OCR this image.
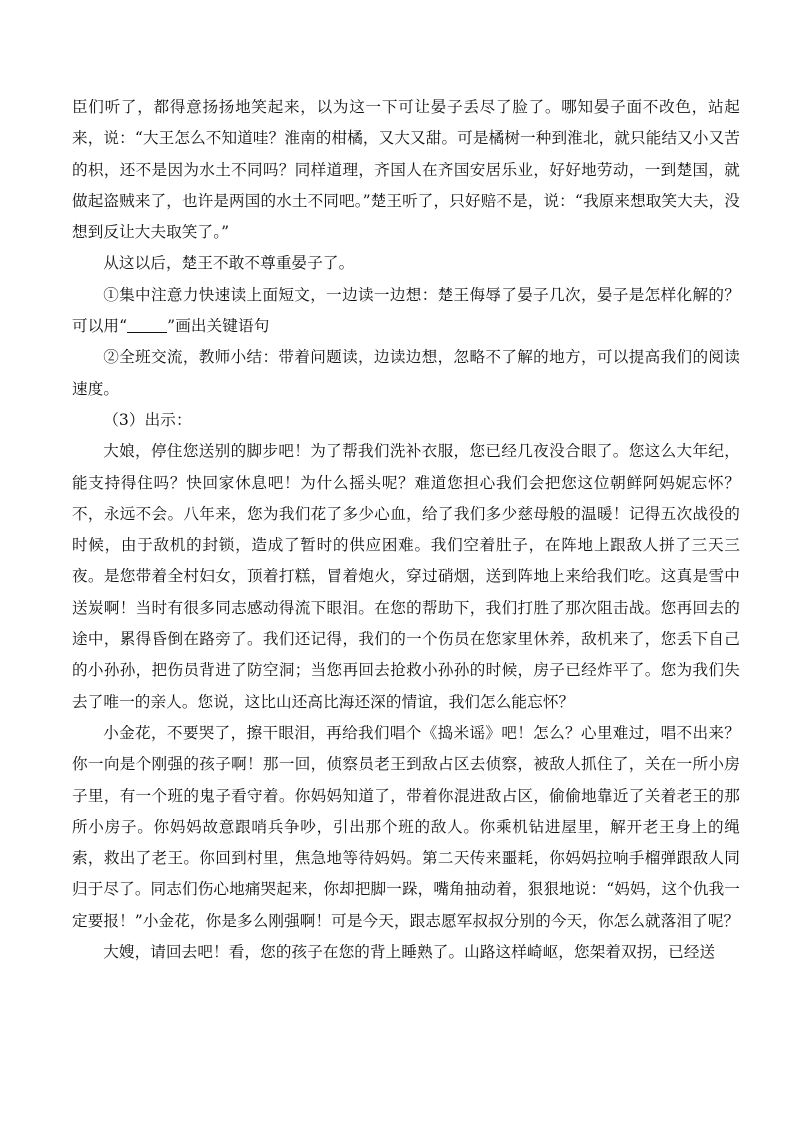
臣们听了，都得意扬扬地笑起来，以为这一下可让晏子丢尽了脸了。哪知晏子面不改色，站起来，说：“大王怎么不知道哇？淮南的柑橘，又大又甜。可是橘树一种到淮北，就只能结又小又苦的枳，还不是因为水土不同吗？同样道理，齐国人在齐国安居乐业，好好地劳动，一到楚国，就做起盗贼来了，也许是两国的水土不同吧。”楚王听了，只好赔不是，说：“我原来想取笑大夫，没想到反让大夫取笑了。”

从这以后，楚王不敢不尊重晏子了。

①集中注意力快速读上面短文，一边读一边想：楚王侮辱了晏子几次，晏子是怎样化解的？可以用“	”画出关键语句

②全班交流，教师小结：带着问题读，边读边想，忽略不了解的地方，可以提高我们的阅读速度。

（3）出示：

大娘，停住您送别的脚步吧！为了帮我们洗补衣服，您已经几夜没合眼了。您这么大年纪，能支持得住吗？快回家休息吧！为什么摇头呢？难道您担心我们会把您这位朝鲜阿妈妮忘怀？不，永远不会。八年来，您为我们花了多少心血，给了我们多少慈母般的温暖！记得五次战役的时候，由于敌机的封锁，造成了暂时的供应困难。我们空着肚子，在阵地上跟敌人拼了三天三夜。是您带着全村妇女，顶着打糕，冒着炮火，穿过硝烟，送到阵地上来给我们吃。这真是雪中送炭啊！当时有很多同志感动得流下眼泪。在您的帮助下，我们打胜了那次阻击战。您再回去的途中，累得昏倒在路旁了。我们还记得，我们的一个伤员在您家里休养，敌机来了，您丢下自己的小孙孙，把伤员背进了防空洞；当您再回去抢救小孙孙的时候，房子已经炸平了。您为我们失去了唯一的亲人。您说，这比山还高比海还深的情谊，我们怎么能忘怀？

小金花，不要哭了，擦干眼泪，再给我们唱个《捣米谣》吧！怎么？心里难过，唱不出来？你一向是个刚强的孩子啊！那一回，侦察员老王到敌占区去侦察，被敌人抓住了，关在一所小房子里，有一个班的鬼子看守着。你妈妈知道了，带着你混进敌占区，偷偷地靠近了关着老王的那所小房子。你妈妈故意跟哨兵争吵，引出那个班的敌人。你乘机钻进屋里，解开老王身上的绳索，救出了老王。你回到村里，焦急地等待妈妈。第二天传来噩耗，你妈妈拉响手榴弹跟敌人同归于尽了。同志们伤心地痛哭起来，你却把脚一跺，嘴角抽动着，狠狠地说：“妈妈，这个仇我一定要报！”小金花，你是多么刚强啊！可是今天，跟志愿军叔叔分别的今天，你怎么就落泪了呢？

大嫂，请回去吧！看，您的孩子在您的背上睡熟了。山路这样崎岖，您架着双拐，已经送
